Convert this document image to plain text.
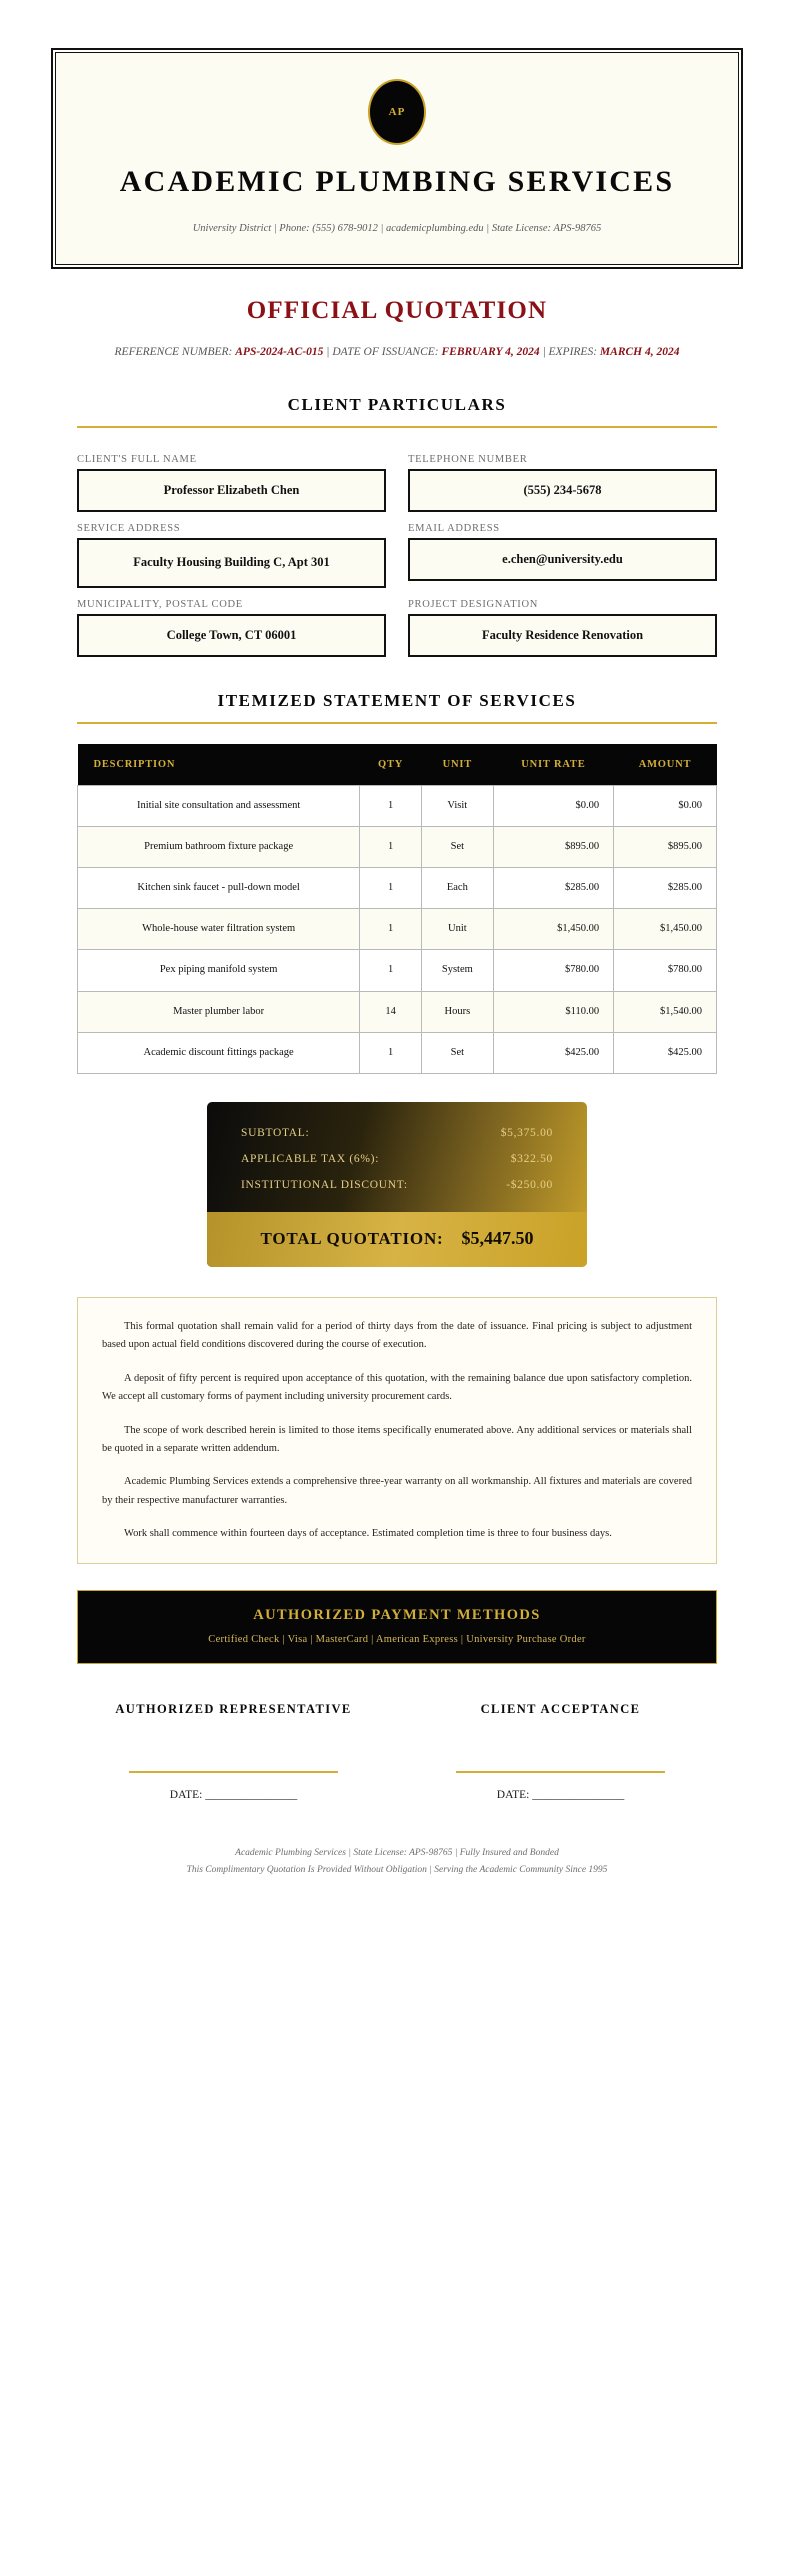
AP
ACADEMIC PLUMBING SERVICES
University District | Phone: (555) 678-9012 | academicplumbing.edu | State License: APS-98765
OFFICIAL QUOTATION
REFERENCE NUMBER: APS-2024-AC-015 | DATE OF ISSUANCE: FEBRUARY 4, 2024 | EXPIRES: MARCH 4, 2024
CLIENT PARTICULARS
CLIENT'S FULL NAME
Professor Elizabeth Chen
TELEPHONE NUMBER
(555) 234-5678
SERVICE ADDRESS
Faculty Housing Building C, Apt 301
EMAIL ADDRESS
e.chen@university.edu
MUNICIPALITY, POSTAL CODE
College Town, CT 06001
PROJECT DESIGNATION
Faculty Residence Renovation
ITEMIZED STATEMENT OF SERVICES
DESCRIPTION	QTY	UNIT	UNIT RATE	AMOUNT
Initial site consultation and assessment	1	Visit	$0.00	$0.00
Premium bathroom fixture package	1	Set	$895.00	$895.00
Kitchen sink faucet - pull-down model	1	Each	$285.00	$285.00
Whole-house water filtration system	1	Unit	$1,450.00	$1,450.00
Pex piping manifold system	1	System	$780.00	$780.00
Master plumber labor	14	Hours	$110.00	$1,540.00
Academic discount fittings package	1	Set	$425.00	$425.00
SUBTOTAL:	$5,375.00
APPLICABLE TAX (6%):	$322.50
INSTITUTIONAL DISCOUNT:	-$250.00
TOTAL QUOTATION: $5,447.50

This formal quotation shall remain valid for a period of thirty days from the date of issuance. Final pricing is subject to adjustment based upon actual field conditions discovered during the course of execution.

A deposit of fifty percent is required upon acceptance of this quotation, with the remaining balance due upon satisfactory completion. We accept all customary forms of payment including university procurement cards.

The scope of work described herein is limited to those items specifically enumerated above. Any additional services or materials shall be quoted in a separate written addendum.

Academic Plumbing Services extends a comprehensive three-year warranty on all workmanship. All fixtures and materials are covered by their respective manufacturer warranties.

Work shall commence within fourteen days of acceptance. Estimated completion time is three to four business days.

AUTHORIZED PAYMENT METHODS
Certified Check | Visa | MasterCard | American Express | University Purchase Order
AUTHORIZED REPRESENTATIVE
DATE: ________________
CLIENT ACCEPTANCE
DATE: ________________
Academic Plumbing Services | State License: APS-98765 | Fully Insured and Bonded
This Complimentary Quotation Is Provided Without Obligation | Serving the Academic Community Since 1995
